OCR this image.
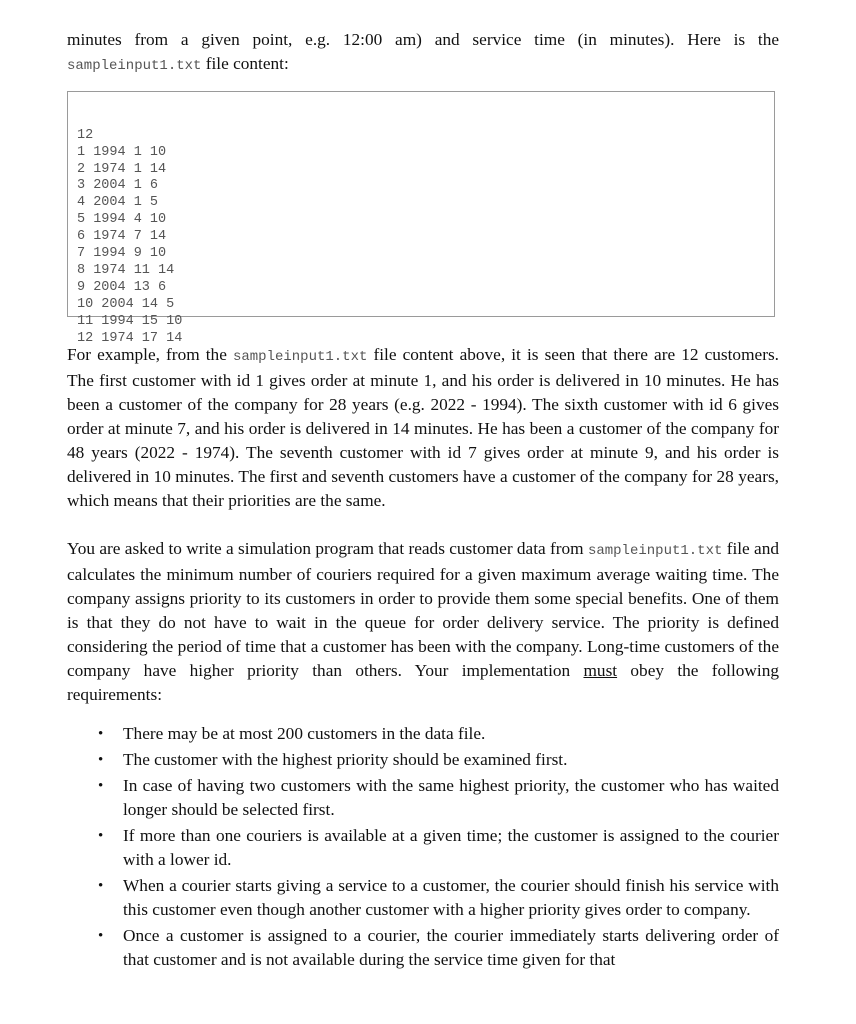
minutes from a given point, e.g. 12:00 am) and service time (in minutes). Here is the sampleinput1.txt file content:

12
1 1994 1 10
2 1974 1 14
3 2004 1 6
4 2004 1 5
5 1994 4 10
6 1974 7 14
7 1994 9 10
8 1974 11 14
9 2004 13 6
10 2004 14 5
11 1994 15 10
12 1974 17 14

For example, from the sampleinput1.txt file content above, it is seen that there are 12 customers. The first customer with id 1 gives order at minute 1, and his order is delivered in 10 minutes. He has been a customer of the company for 28 years (e.g. 2022 - 1994). The sixth customer with id 6 gives order at minute 7, and his order is delivered in 14 minutes. He has been a customer of the company for 48 years (2022 - 1974). The seventh customer with id 7 gives order at minute 9, and his order is delivered in 10 minutes. The first and seventh customers have a customer of the company for 28 years, which means that their priorities are the same.

You are asked to write a simulation program that reads customer data from sampleinput1.txt file and calculates the minimum number of couriers required for a given maximum average waiting time. The company assigns priority to its customers in order to provide them some special benefits. One of them is that they do not have to wait in the queue for order delivery service. The priority is defined considering the period of time that a customer has been with the company. Long-time customers of the company have higher priority than others. Your implementation must obey the following requirements:

• There may be at most 200 customers in the data file.
• The customer with the highest priority should be examined first.
• In case of having two customers with the same highest priority, the customer who has waited longer should be selected first.
• If more than one couriers is available at a given time; the customer is assigned to the courier with a lower id.
• When a courier starts giving a service to a customer, the courier should finish his service with this customer even though another customer with a higher priority gives order to company.
• Once a customer is assigned to a courier, the courier immediately starts delivering order of that customer and is not available during the service time given for that
